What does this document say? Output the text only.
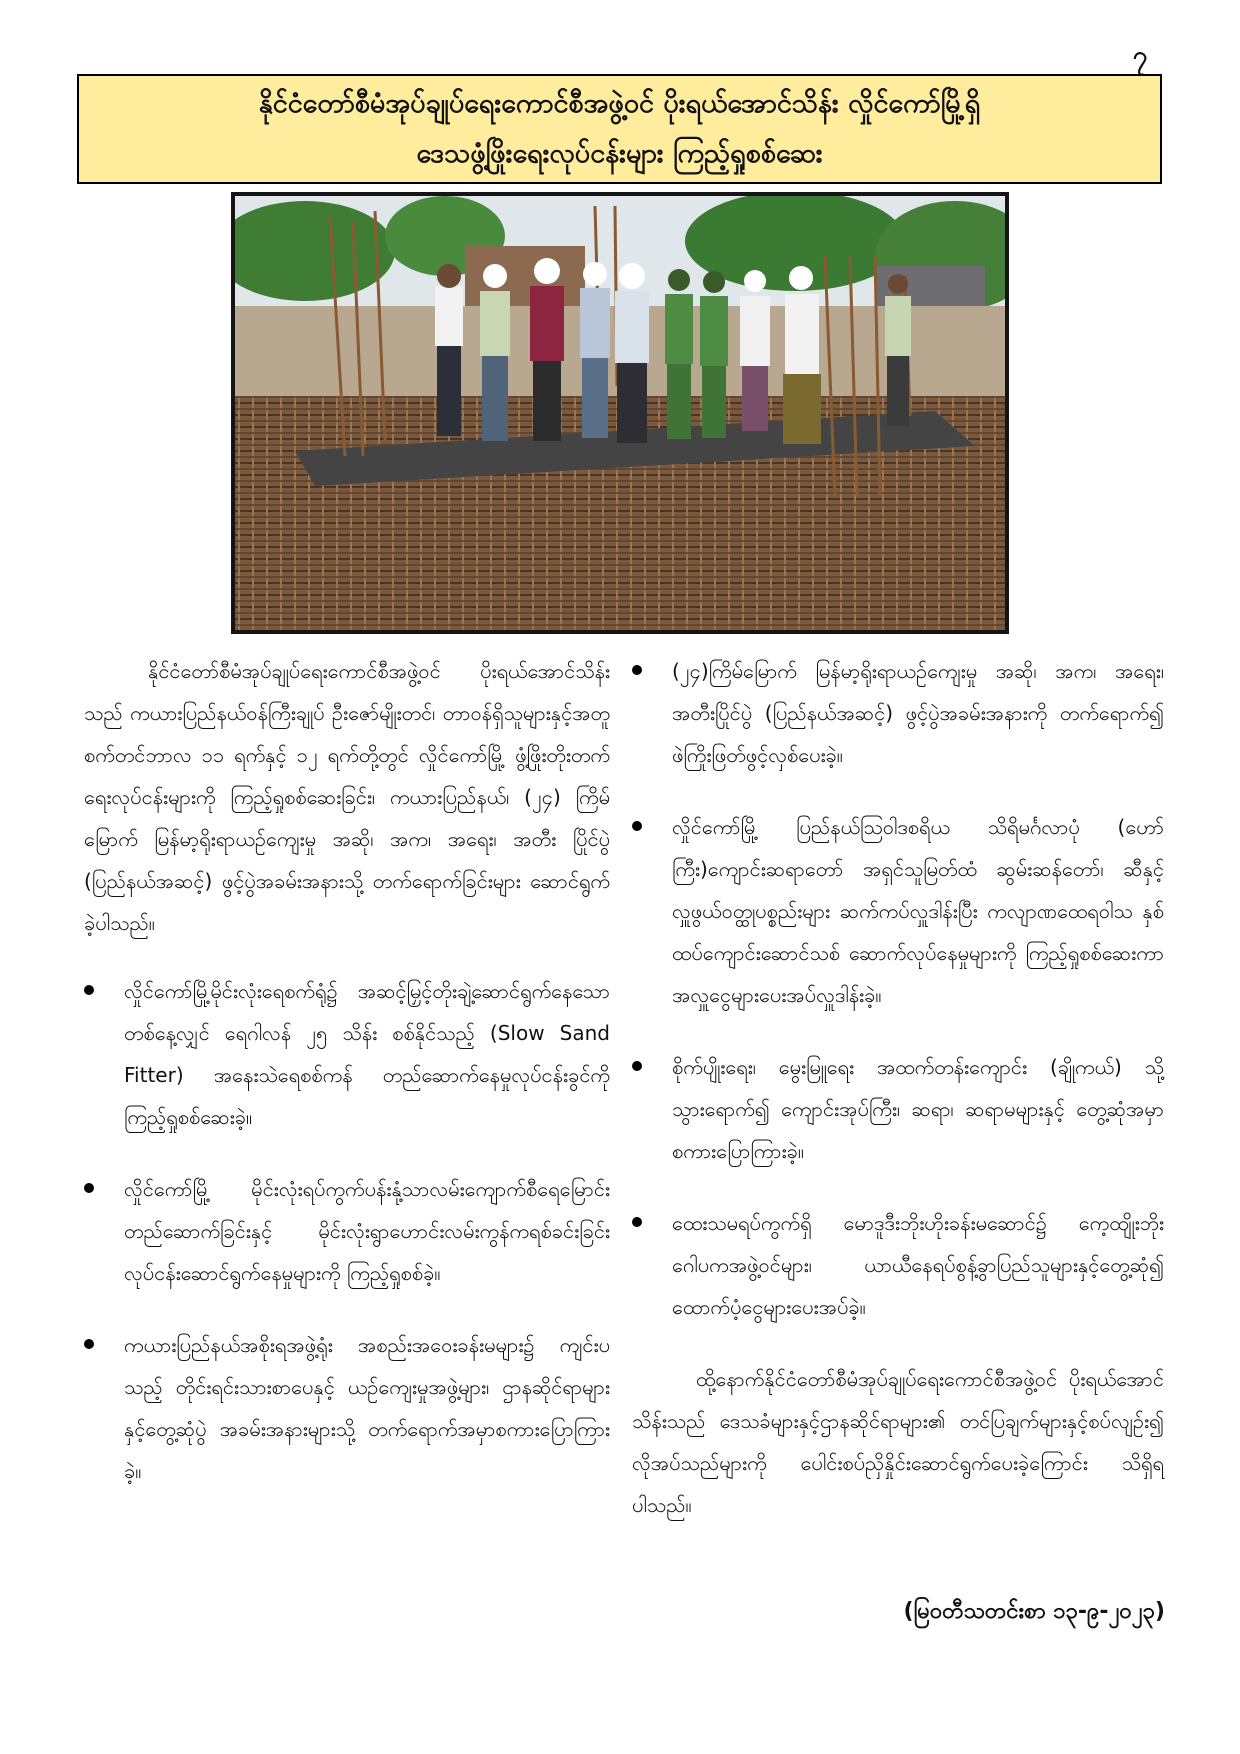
၇
နိုင်ငံတော်စီမံအုပ်ချုပ်ရေးကောင်စီအဖွဲ့ဝင် ပိုးရယ်အောင်သိန်း လှိုင်ကော်မြို့ရှိ
ဒေသဖွံ့ဖြိုးရေးလုပ်ငန်းများ ကြည့်ရှုစစ်ဆေး

နိုင်ငံတော်စီမံအုပ်ချုပ်ရေးကောင်စီအဖွဲ့ဝင် ပိုးရယ်အောင်သိန်းသည် ကယားပြည်နယ်ဝန်ကြီးချုပ် ဦးဇော်မျိုးတင်၊ တာဝန်ရှိသူများနှင့်အတူ စက်တင်ဘာလ ၁၁ ရက်နှင့် ၁၂ ရက်တို့တွင် လှိုင်ကော်မြို့ ဖွံ့ဖြိုးတိုးတက်ရေးလုပ်ငန်းများကို ကြည့်ရှုစစ်ဆေးခြင်း၊ ကယားပြည်နယ်၊ (၂၄) ကြိမ်မြောက် မြန်မာ့ရိုးရာယဉ်ကျေးမှု အဆို၊ အက၊ အရေး၊ အတီး ပြိုင်ပွဲ (ပြည်နယ်အဆင့်) ဖွင့်ပွဲအခမ်းအနားသို့ တက်ရောက်ခြင်းများ ဆောင်ရွက်ခဲ့ပါသည်။

လှိုင်ကော်မြို့မိုင်းလုံးရေစက်ရုံ၌ အဆင့်မြှင့်တိုးချဲ့ဆောင်ရွက်နေသော တစ်နေ့လျှင် ရေဂါလန် ၂၅ သိန်း စစ်နိုင်သည့် (Slow Sand Fitter) အနေးသဲရေစစ်ကန် တည်ဆောက်နေမှုလုပ်ငန်းခွင်ကို ကြည့်ရှုစစ်ဆေးခဲ့။
လှိုင်ကော်မြို့ မိုင်းလုံးရပ်ကွက်ပန်းနုံ့သာလမ်းကျောက်စီရေမြောင်း တည်ဆောက်ခြင်းနှင့် မိုင်းလုံးရွာဟောင်းလမ်းကွန်ကရစ်ခင်းခြင်း လုပ်ငန်းဆောင်ရွက်နေမှုများကို ကြည့်ရှုစစ်ခဲ့။
ကယားပြည်နယ်အစိုးရအဖွဲ့ရုံး အစည်းအဝေးခန်းမများ၌ ကျင်းပသည့် တိုင်းရင်းသားစာပေနှင့် ယဉ်ကျေးမှုအဖွဲ့များ၊ ဌာနဆိုင်ရာများနှင့်တွေ့ဆုံပွဲ အခမ်းအနားများသို့ တက်ရောက်အမှာစကားပြောကြားခဲ့။
(၂၄)ကြိမ်မြောက် မြန်မာ့ရိုးရာယဉ်ကျေးမှု အဆို၊ အက၊ အရေး၊ အတီးပြိုင်ပွဲ (ပြည်နယ်အဆင့်) ဖွင့်ပွဲအခမ်းအနားကို တက်ရောက်၍ ဖဲကြိုးဖြတ်ဖွင့်လှစ်ပေးခဲ့။
လှိုင်ကော်မြို့ ပြည်နယ်ဩဝါဒစရိယ သိရိမင်္ဂလာပုံ (ဟော်ကြီး)ကျောင်းဆရာတော် အရှင်သူမြတ်ထံ ဆွမ်းဆန်တော်၊ ဆီနှင့် လှူဖွယ်ဝတ္ထုပစ္စည်းများ ဆက်ကပ်လှူဒါန်းပြီး ကလျာဏထေရဝါသ နှစ်ထပ်ကျောင်းဆောင်သစ် ဆောက်လုပ်နေမှုများကို ကြည့်ရှုစစ်ဆေးကာ အလှူငွေများပေးအပ်လှူဒါန်းခဲ့။
စိုက်ပျိုးရေး၊ မွေးမြူရေး အထက်တန်းကျောင်း (ချိုကယ်) သို့သွားရောက်၍ ကျောင်းအုပ်ကြီး၊ ဆရာ၊ ဆရာမများနှင့် တွေ့ဆုံအမှာစကားပြောကြားခဲ့။
ထေးသမရပ်ကွက်ရှိ မောဒူဒီးဘိုးဟိုးခန်းမဆောင်၌ ကေ့ထျိုးဘိုး ဂေါပကအဖွဲ့ဝင်များ၊ ယာယီနေရပ်စွန့်ခွာပြည်သူများနှင့်တွေ့ဆုံ၍ ထောက်ပံ့ငွေများပေးအပ်ခဲ့။

ထို့နောက်နိုင်ငံတော်စီမံအုပ်ချုပ်ရေးကောင်စီအဖွဲ့ဝင် ပိုးရယ်အောင်သိန်းသည် ဒေသခံများနှင့်ဌာနဆိုင်ရာများ၏ တင်ပြချက်များနှင့်စပ်လျဉ်း၍ လိုအပ်သည်များကို ပေါင်းစပ်ညှိနှိုင်းဆောင်ရွက်ပေးခဲ့ကြောင်း သိရှိရပါသည်။

(မြဝတီသတင်းစာ ၁၃-၉-၂၀၂၃)
